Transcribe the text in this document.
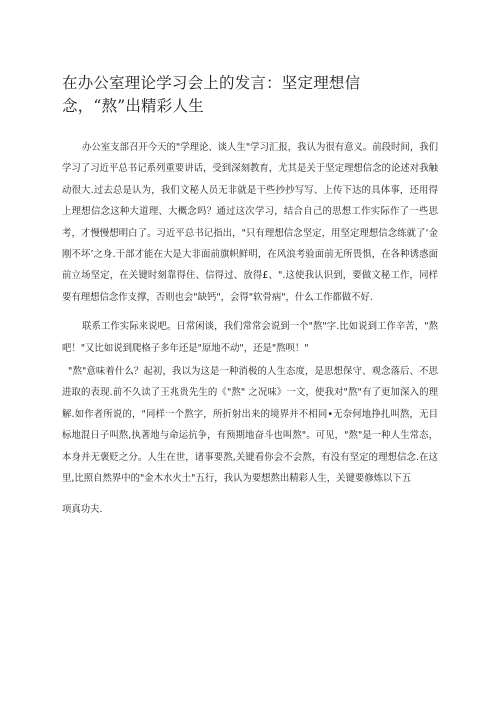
在办公室理论学习会上的发言：坚定理想信念，“熬”出精彩人生

办公室支部召开今天的"学理论、谈人生"学习汇报，我认为很有意义。前段时间，我们学习了习近平总书记系列重要讲话，受到深刻教育，尤其是关于坚定理想信念的论述对我触动很大.过去总是认为，我们文秘人员无非就是干些抄抄写写、上传下达的具体事，还用得上理想信念这种大道理、大概念吗？通过这次学习，结合自己的思想工作实际作了一些思考，才慢慢想明白了。习近平总书记指出，"只有理想信念坚定，用坚定理想信念练就了‘金刚不坏’之身.干部才能在大是大非面前旗帜鲜明，在风浪考验面前无所畏惧，在各种诱惑面前立场坚定，在关键时刻靠得住、信得过、放得£、".这使我认识到，要做文秘工作，同样要有理想信念作支撑，否则也会"缺钙"，会得"软骨病"，什么工作都做不好.

联系工作实际来说吧。日常闲谈，我们常常会说到一个"熬"字.比如说到工作辛苦，"熬吧！"又比如说到爬格子多年还是"原地不动"，还是"熬呗！"

"熬"意味着什么？起初，我以为这是一种消极的人生态度，是思想保守、观念落后、不思进取的表现.前不久读了王兆贵先生的《"熬" 之况味》一文，使我对"熬"有了更加深入的理解.如作者所说的，"同样一个熬字，所折射出来的境界并不相同•无奈何地挣扎叫熬，无目标地混日子叫熬,执著地与命运抗争，有预期地奋斗也叫熬"。可见，"熬"是一种人生常态，本身并无褒贬之分。人生在世，诸事要熬,关键看你会不会熬，有没有坚定的理想信念.在这里,比照自然界中的"金木水火土"五行，我认为要想熬出精彩人生，关键要修炼以下五

项真功夫.
